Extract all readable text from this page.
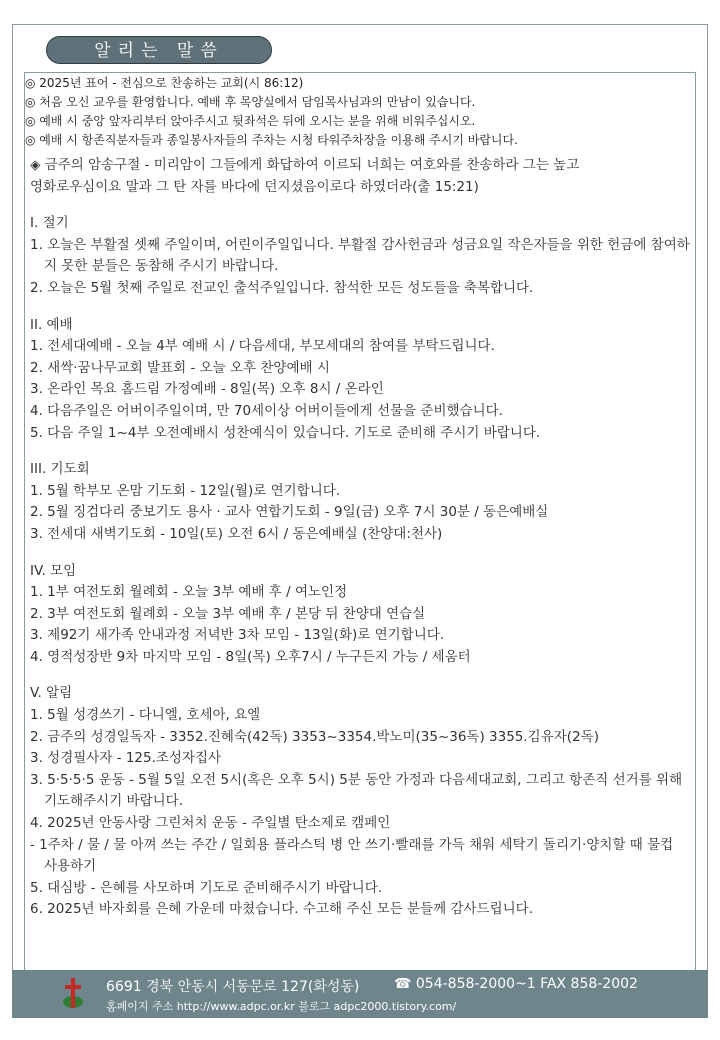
알리는 말씀
◎ 2025년 표어 - 전심으로 찬송하는 교회(시 86:12)
◎ 처음 오신 교우를 환영합니다. 예배 후 목양실에서 담임목사님과의 만남이 있습니다.
◎ 예배 시 중앙 앞자리부터 앉아주시고 뒷좌석은 뒤에 오시는 분을 위해 비워주십시오.
◎ 예배 시 항존직분자들과 종일봉사자들의 주차는 시청 타워주차장을 이용해 주시기 바랍니다.
◈ 금주의 암송구절 - 미리암이 그들에게 화답하여 이르되 너희는 여호와를 찬송하라 그는 높고
영화로우심이요 말과 그 탄 자를 바다에 던지셨음이로다 하였더라(출 15:21)
I. 절기
1. 오늘은 부활절 셋째 주일이며, 어린이주일입니다. 부활절 감사헌금과 성금요일 작은자들을 위한 헌금에 참여하지 못한 분들은 동참해 주시기 바랍니다.
2. 오늘은 5월 첫째 주일로 전교인 출석주일입니다. 참석한 모든 성도들을 축복합니다.
II. 예배
1. 전세대예배 - 오늘 4부 예배 시 / 다음세대, 부모세대의 참여를 부탁드립니다.
2. 새싹·꿈나무교회 발표회 - 오늘 오후 찬양예배 시
3. 온라인 목요 홈드림 가정예배 - 8일(목) 오후 8시 / 온라인
4. 다음주일은 어버이주일이며, 만 70세이상 어버이들에게 선물을 준비했습니다.
5. 다음 주일 1~4부 오전예배시 성찬예식이 있습니다. 기도로 준비해 주시기 바랍니다.
III. 기도회
1. 5월 학부모 온맘 기도회 - 12일(월)로 연기합니다.
2. 5월 징검다리 중보기도 용사 · 교사 연합기도회 - 9일(금) 오후 7시 30분 / 동은예배실
3. 전세대 새벽기도회 - 10일(토) 오전 6시 / 동은예배실 (찬양대:천사)
IV. 모임
1. 1부 여전도회 월례회 - 오늘 3부 예배 후 / 여노인정
2. 3부 여전도회 월례회 - 오늘 3부 예배 후 / 본당 뒤 찬양대 연습실
3. 제92기 새가족 안내과정 저녁반 3차 모임 - 13일(화)로 연기합니다.
4. 영적성장반 9차 마지막 모임 - 8일(목) 오후7시 / 누구든지 가능 / 세움터
V. 알림
1. 5월 성경쓰기 - 다니엘, 호세아, 요엘
2. 금주의 성경일독자 - 3352.진혜숙(42독) 3353~3354.박노미(35~36독) 3355.김유자(2독)
3. 성경필사자 - 125.조성자집사
3. 5·5·5·5 운동 - 5월 5일 오전 5시(혹은 오후 5시) 5분 동안 가정과 다음세대교회, 그리고 항존직 선거를 위해 기도해주시기 바랍니다.
4. 2025년 안동사랑 그린처치 운동 - 주일별 탄소제로 캠페인
- 1주차 / 물 / 물 아껴 쓰는 주간 / 일회용 플라스틱 병 안 쓰기·빨래를 가득 채워 세탁기 돌리기·양치할 때 물컵 사용하기
5. 대심방 - 은혜를 사모하며 기도로 준비해주시기 바랍니다.
6. 2025년 바자회를 은혜 가운데 마쳤습니다. 수고해 주신 모든 분들께 감사드립니다.
6691 경북 안동시 서동문로 127(화성동) ☎ 054-858-2000~1 FAX 858-2002
홈페이지 주소 http://www.adpc.or.kr 블로그 adpc2000.tistory.com/
